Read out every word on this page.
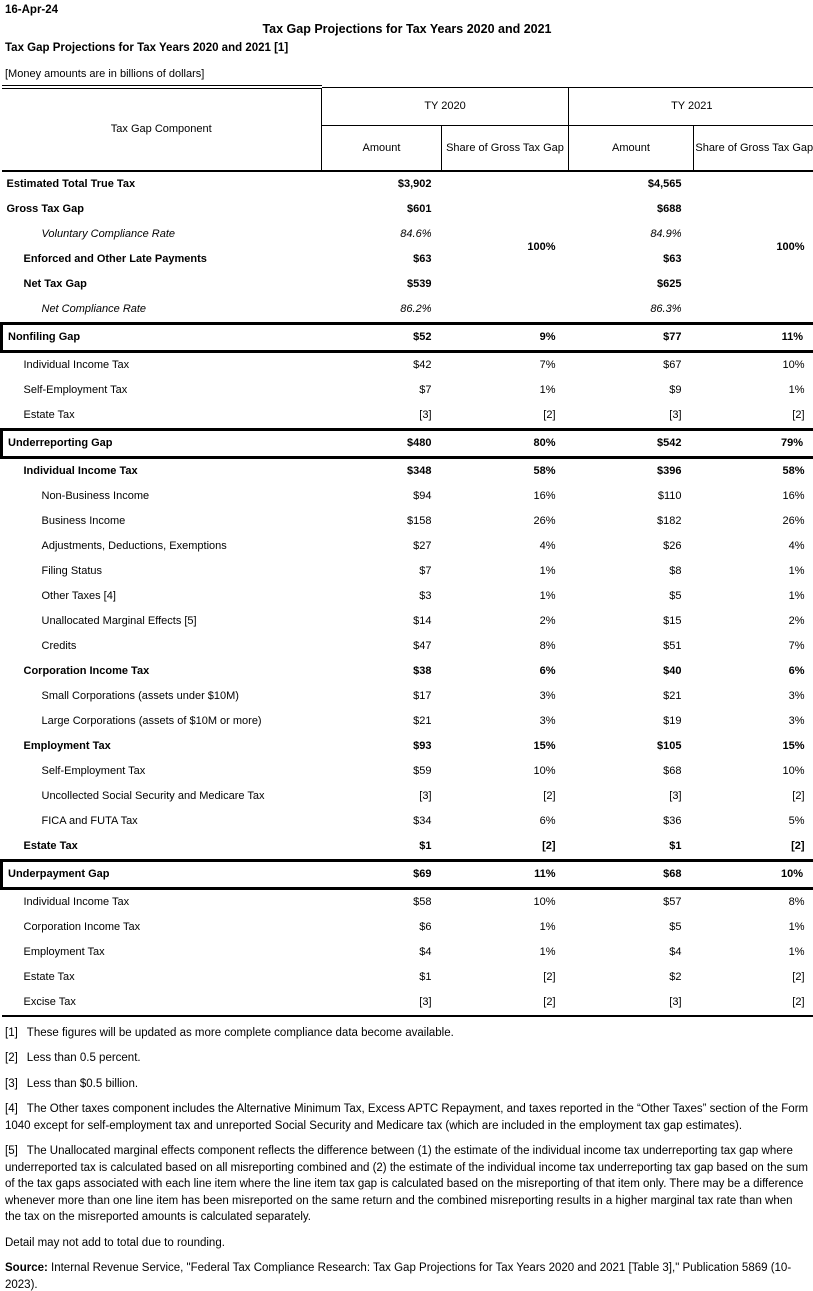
16-Apr-24
Tax Gap Projections for Tax Years 2020 and 2021
Tax Gap Projections for Tax Years 2020 and 2021 [1]
[Money amounts are in billions of dollars]
Tax Gap Component	TY 2020		TY 2021	
	Amount	Share of Gross Tax Gap	Amount	Share of Gross Tax Gap
Estimated Total True Tax	$3,902	100%	$4,565	100%
Gross Tax Gap	$601		$688	
Voluntary Compliance Rate	84.6%		84.9%	
Enforced and Other Late Payments	$63		$63	
Net Tax Gap	$539		$625	
Net Compliance Rate	86.2%		86.3%	
Nonfiling Gap	$52	9%	$77	11%
Individual Income Tax	$42	7%	$67	10%
Self-Employment Tax	$7	1%	$9	1%
Estate Tax	[3]	[2]	[3]	[2]
Underreporting Gap	$480	80%	$542	79%
Individual Income Tax	$348	58%	$396	58%
Non-Business Income	$94	16%	$110	16%
Business Income	$158	26%	$182	26%
Adjustments, Deductions, Exemptions	$27	4%	$26	4%
Filing Status	$7	1%	$8	1%
Other Taxes [4]	$3	1%	$5	1%
Unallocated Marginal Effects [5]	$14	2%	$15	2%
Credits	$47	8%	$51	7%
Corporation Income Tax	$38	6%	$40	6%
Small Corporations (assets under $10M)	$17	3%	$21	3%
Large Corporations (assets of $10M or more)	$21	3%	$19	3%
Employment Tax	$93	15%	$105	15%
Self-Employment Tax	$59	10%	$68	10%
Uncollected Social Security and Medicare Tax	[3]	[2]	[3]	[2]
FICA and FUTA Tax	$34	6%	$36	5%
Estate Tax	$1	[2]	$1	[2]
Underpayment Gap	$69	11%	$68	10%
Individual Income Tax	$58	10%	$57	8%
Corporation Income Tax	$6	1%	$5	1%
Employment Tax	$4	1%	$4	1%
Estate Tax	$1	[2]	$2	[2]
Excise Tax	[3]	[2]	[3]	[2]

[1] These figures will be updated as more complete compliance data become available.

[2] Less than 0.5 percent.

[3] Less than $0.5 billion.

[4] The Other taxes component includes the Alternative Minimum Tax, Excess APTC Repayment, and taxes reported in the “Other Taxes” section of the Form 1040 except for self-employment tax and unreported Social Security and Medicare tax (which are included in the employment tax gap estimates).

[5] The Unallocated marginal effects component reflects the difference between (1) the estimate of the individual income tax underreporting tax gap where underreported tax is calculated based on all misreporting combined and (2) the estimate of the individual income tax underreporting tax gap based on the sum of the tax gaps associated with each line item where the line item tax gap is calculated based on the misreporting of that item only. There may be a difference whenever more than one line item has been misreported on the same return and the combined misreporting results in a higher marginal tax rate than when the tax on the misreported amounts is calculated separately.

Detail may not add to total due to rounding.

Source: Internal Revenue Service, "Federal Tax Compliance Research: Tax Gap Projections for Tax Years 2020 and 2021 [Table 3]," Publication 5869 (10-2023).
